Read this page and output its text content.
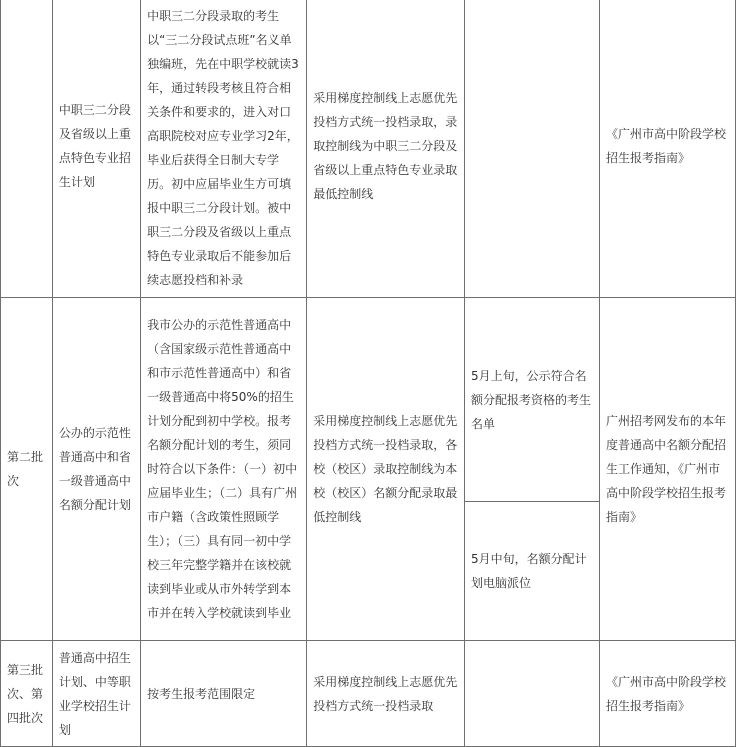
	中职三二分段及省级以上重点特色专业招生计划	中职三二分段录取的考生以“三二分段试点班”名义单独编班，先在中职学校就读3年，通过转段考核且符合相关条件和要求的，进入对口高职院校对应专业学习2年，毕业后获得全日制大专学历。初中应届毕业生方可填报中职三二分段计划。被中职三二分段及省级以上重点特色专业录取后不能参加后续志愿投档和补录	采用梯度控制线上志愿优先投档方式统一投档录取，录取控制线为中职三二分段及省级以上重点特色专业录取最低控制线		《广州市高中阶段学校招生报考指南》
第二批次	公办的示范性普通高中和省一级普通高中名额分配计划	我市公办的示范性普通高中（含国家级示范性普通高中和市示范性普通高中）和省一级普通高中将50%的招生计划分配到初中学校。报考名额分配计划的考生，须同时符合以下条件：（一）初中应届毕业生；（二）具有广州市户籍（含政策性照顾学生）；（三）具有同一初中学校三年完整学籍并在该校就读到毕业或从市外转学到本市并在转入学校就读到毕业	采用梯度控制线上志愿优先投档方式统一投档录取，各校（校区）录取控制线为本校（校区）名额分配录取最低控制线	5月上旬，公示符合名额分配报考资格的考生名单	广州招考网发布的本年度普通高中名额分配招生工作通知，《广州市高中阶段学校招生报考指南》
				5月中旬，名额分配计划电脑派位	
第三批次、第四批次	普通高中招生计划、中等职业学校招生计划	按考生报考范围限定	采用梯度控制线上志愿优先投档方式统一投档录取		《广州市高中阶段学校招生报考指南》
